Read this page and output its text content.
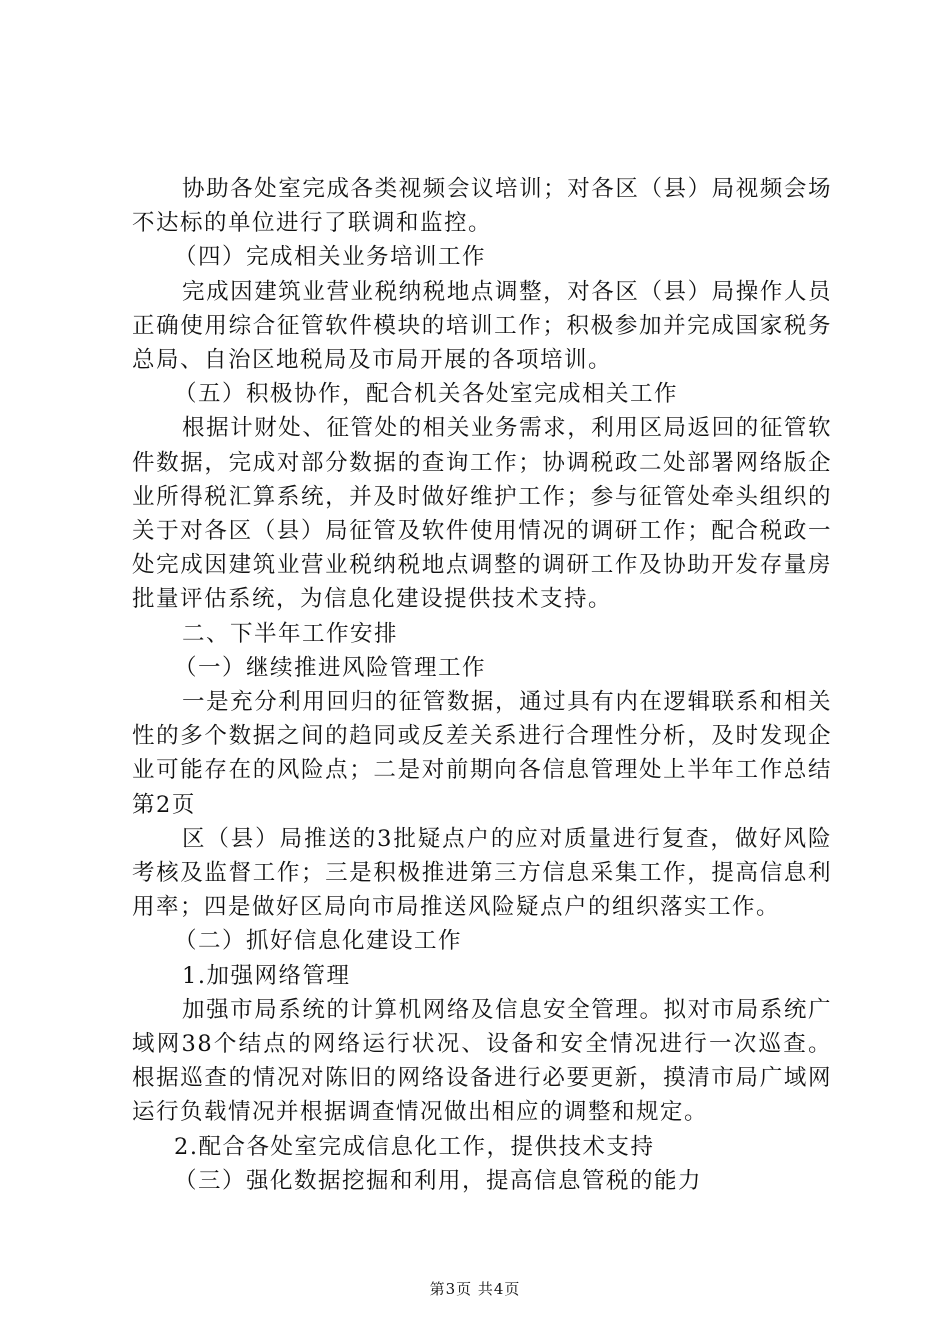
协助各处室完成各类视频会议培训；对各区（县）局视频会场不达标的单位进行了联调和监控。

（四）完成相关业务培训工作

完成因建筑业营业税纳税地点调整，对各区（县）局操作人员正确使用综合征管软件模块的培训工作；积极参加并完成国家税务总局、自治区地税局及市局开展的各项培训。

（五）积极协作，配合机关各处室完成相关工作

根据计财处、征管处的相关业务需求，利用区局返回的征管软件数据，完成对部分数据的查询工作；协调税政二处部署网络版企业所得税汇算系统，并及时做好维护工作；参与征管处牵头组织的关于对各区（县）局征管及软件使用情况的调研工作；配合税政一处完成因建筑业营业税纳税地点调整的调研工作及协助开发存量房批量评估系统，为信息化建设提供技术支持。

二、下半年工作安排

（一）继续推进风险管理工作

一是充分利用回归的征管数据，通过具有内在逻辑联系和相关性的多个数据之间的趋同或反差关系进行合理性分析，及时发现企业可能存在的风险点；二是对前期向各信息管理处上半年工作总结第2页

区（县）局推送的3批疑点户的应对质量进行复查，做好风险考核及监督工作；三是积极推进第三方信息采集工作，提高信息利用率；四是做好区局向市局推送风险疑点户的组织落实工作。

（二）抓好信息化建设工作

1.加强网络管理

加强市局系统的计算机网络及信息安全管理。拟对市局系统广域网38个结点的网络运行状况、设备和安全情况进行一次巡查。根据巡查的情况对陈旧的网络设备进行必要更新，摸清市局广域网运行负载情况并根据调查情况做出相应的调整和规定。

2.配合各处室完成信息化工作，提供技术支持

（三）强化数据挖掘和利用，提高信息管税的能力

第3页 共4页
